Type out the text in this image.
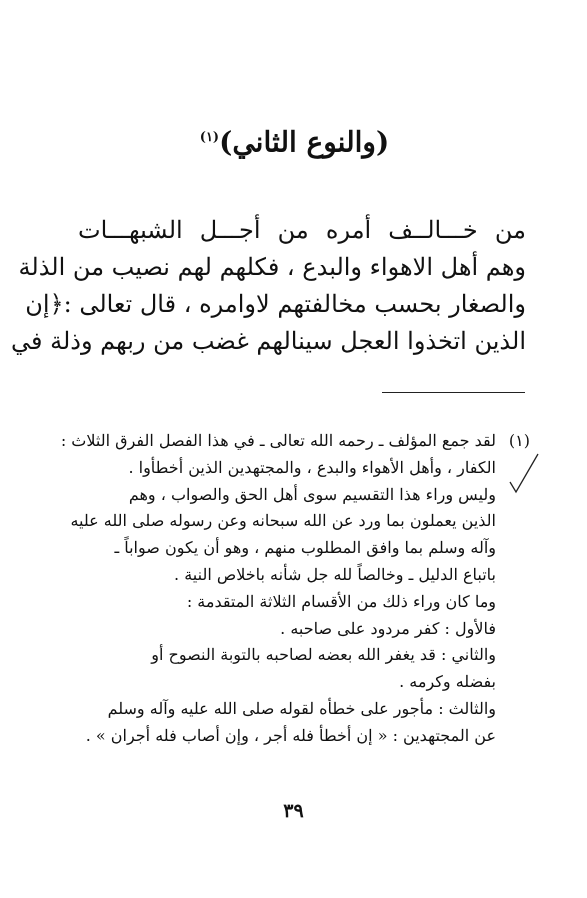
(والنوع الثاني)$^{(١)}$
من خـــالــف أمره من أجـــل الشبهـــات
وهم أهل الاهواء والبدع ، فكلهم لهم نصيب من الذلة
والصغار بحسب مخالفتهم لاوامره ، قال تعالى :﴿إن
الذين اتخذوا العجل سينالهم غضب من ربهم وذلة في
(١)لقد جمع المؤلف ـ رحمه الله تعالى ـ في هذا الفصل الفرق الثلاث :
الكفار ، وأهل الأهواء والبدع ، والمجتهدين الذين أخطأوا .
وليس وراء هذا التقسيم سوى أهل الحق والصواب ، وهم
الذين يعملون بما ورد عن الله سبحانه وعن رسوله صلى الله عليه
وآله وسلم بما وافق المطلوب منهم ، وهو أن يكون صواباً ـ
باتباع الدليل ـ وخالصاً لله جل شأنه باخلاص النية .
وما كان وراء ذلك من الأقسام الثلاثة المتقدمة :
فالأول : كفر مردود على صاحبه .
والثاني : قد يغفر الله بعضه لصاحبه بالتوبة النصوح أو
بفضله وكرمه .
والثالث : مأجور على خطأه لقوله صلى الله عليه وآله وسلم
عن المجتهدين : « إن أخطأ فله أجر ، وإن أصاب فله أجران » .
٣٩
